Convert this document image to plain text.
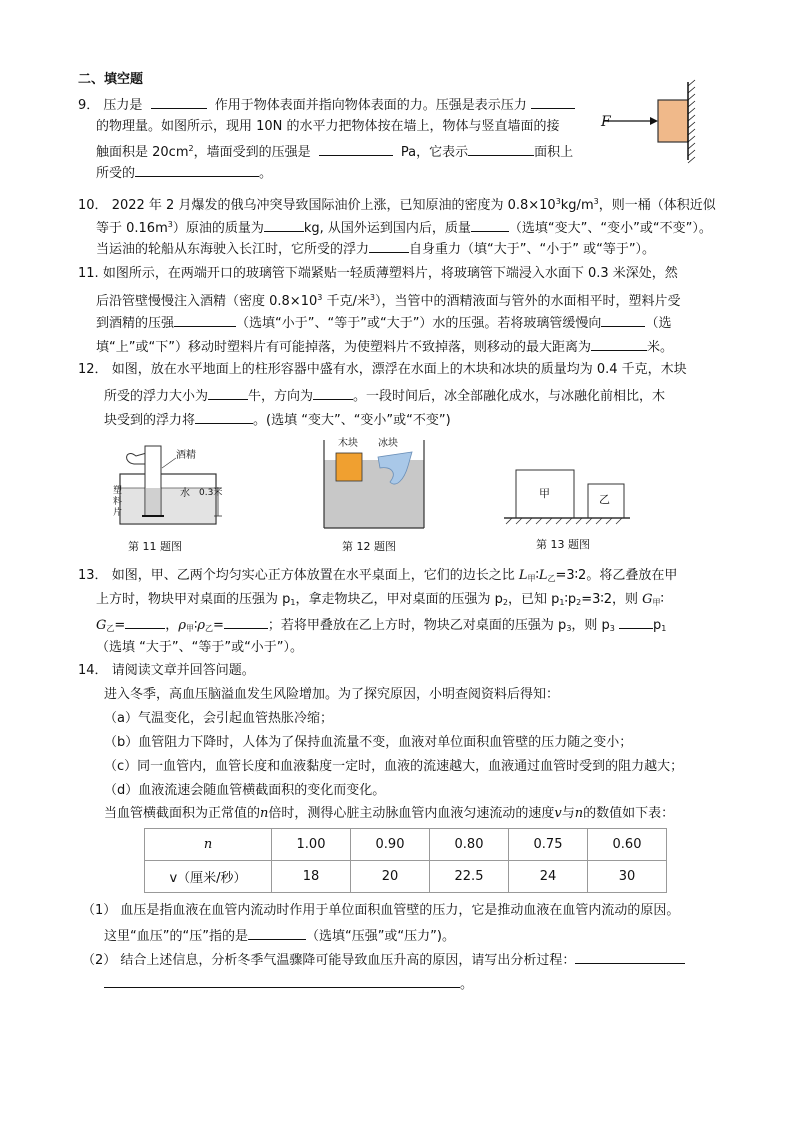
二、填空题
9． 压力是	作用于物体表面并指向物体表面的力。压强是表示压力
的物理量。如图所示，现用 10N 的水平力把物体按在墙上，物体与竖直墙面的接
触面积是 $20cm^2$，墙面受到的压强是	Pa，它表示	面积上
所受的	。
F
10． 2022 年 2 月爆发的俄乌冲突导致国际油价上涨，已知原油的密度为 $0.8\times 10^3kg/m^3$，则一桶（体积近似
等于 $0.16m^3$）原油的质量为	kg, 从国外运到国内后，质量	（选填“变大”、“变小”或“不变”）。
当运油的轮船从东海驶入长江时，它所受的浮力	自身重力（填“大于”、“小于” 或“等于”）。
11. 如图所示，在两端开口的玻璃管下端紧贴一轻质薄塑料片，将玻璃管下端浸入水面下 0.3 米深处，然
后沿管壁慢慢注入酒精（密度 $0.8\times 10^3$ 千克/米$^3$），当管中的酒精液面与管外的水面相平时，塑料片受
到酒精的压强	（选填“小于”、“等于”或“大于”）水的压强。若将玻璃管缓慢向	（选
填“上”或“下”）移动时塑料片有可能掉落，为使塑料片不致掉落，则移动的最大距离为	米。
12． 如图，放在水平地面上的柱形容器中盛有水，漂浮在水面上的木块和冰块的质量均为 0.4 千克，木块
所受的浮力大小为	牛，方向为	。一段时间后，冰全部融化成水，与冰融化前相比，木
块受到的浮力将	。(选填 “变大”、“变小”或“不变”)
酒精
水 0.3米
塑
料
片
第 11 题图
木块 冰块
第 12 题图
甲	乙
第 13 题图
13． 如图，甲、乙两个均匀实心正方体放置在水平桌面上，它们的边长之比 $L_甲∶L_乙=3∶2$。将乙叠放在甲
上方时，物块甲对桌面的压强为 $p_1$，拿走物块乙，甲对桌面的压强为 $p_2$，已知 $p_1∶p_2=3∶2$，则 $G_甲∶$
$G_乙=$	，$\rho_甲∶\rho_乙=$	；若将甲叠放在乙上方时，物块乙对桌面的压强为 $p_3$，则 $p_3$	$p_1$
（选填 “大于”、“等于”或“小于”）。
14． 请阅读文章并回答问题。
进入冬季，高血压脑溢血发生风险增加。为了探究原因，小明查阅资料后得知：
（a）气温变化，会引起血管热胀冷缩；
（b）血管阻力下降时，人体为了保持血流量不变，血液对单位面积血管壁的压力随之变小；
（c）同一血管内，血管长度和血液黏度一定时，血液的流速越大，血液通过血管时受到的阻力越大；
（d）血液流速会随血管横截面积的变化而变化。
当血管横截面积为正常值的n倍时，测得心脏主动脉血管内血液匀速流动的速度v与n的数值如下表：
n	1.00	0.90	0.80	0.75	0.60
v（厘米/秒）	18	20	22.5	24	30
（1） 血压是指血液在血管内流动时作用于单位面积血管壁的压力，它是推动血液在血管内流动的原因。
这里“血压”的“压”指的是	（选填“压强”或“压力”)。
（2） 结合上述信息，分析冬季气温骤降可能导致血压升高的原因，请写出分析过程：
。
